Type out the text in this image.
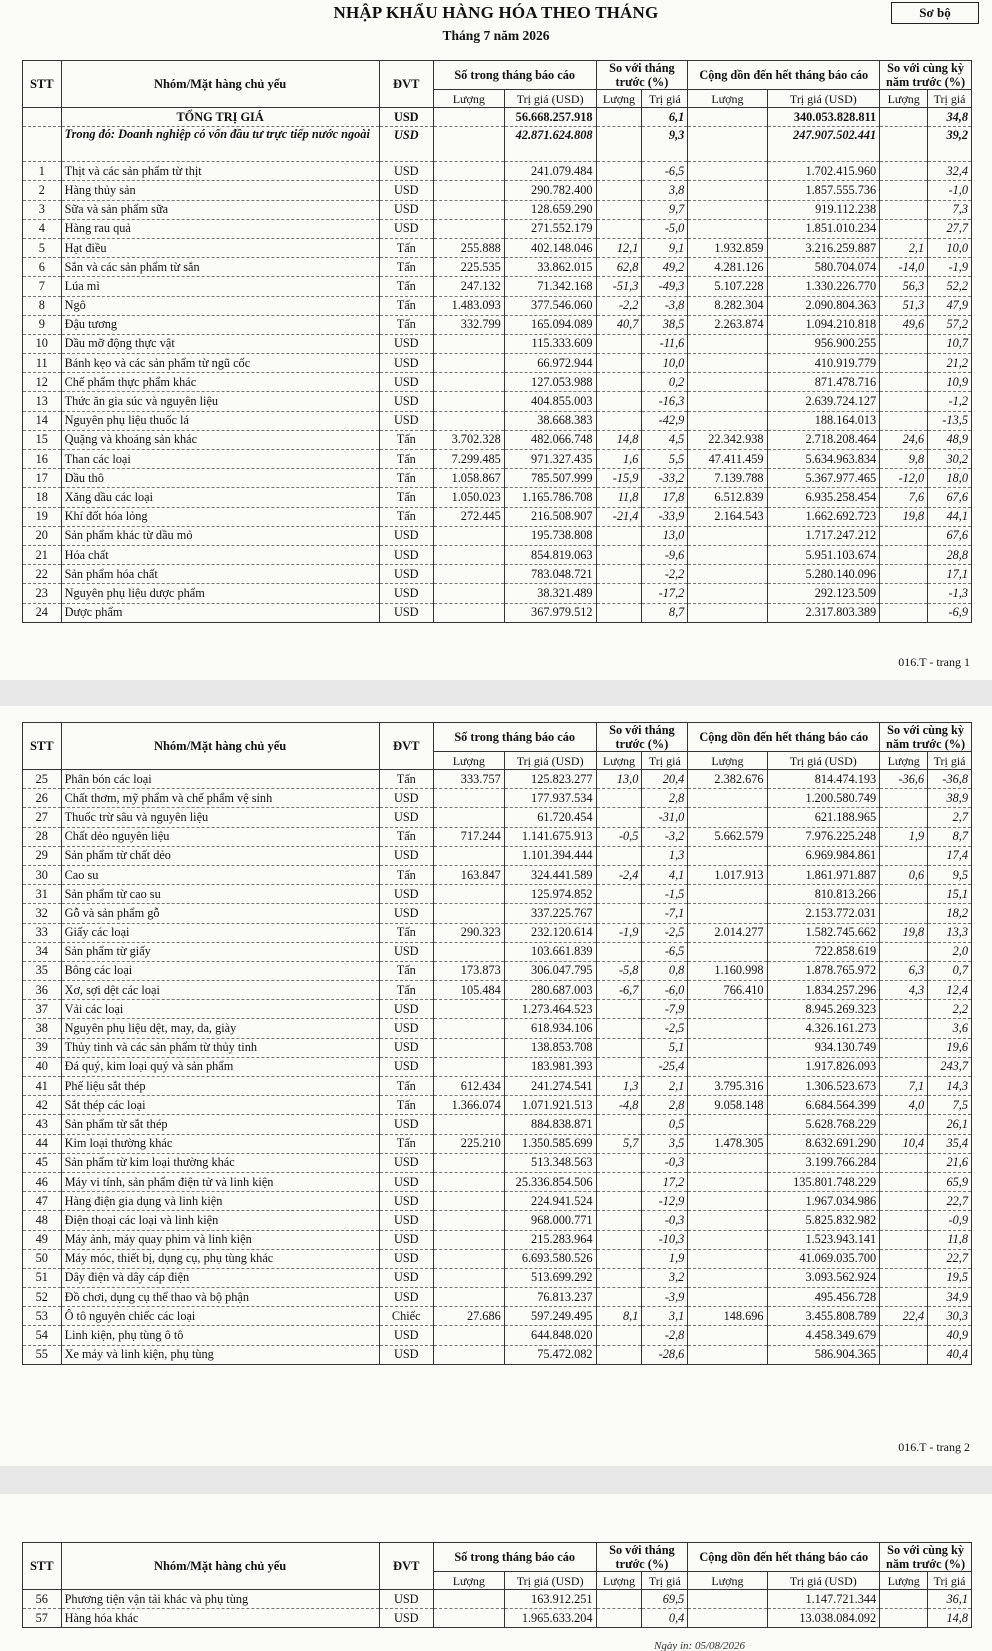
NHẬP KHẨU HÀNG HÓA THEO THÁNG
Tháng 7 năm 2026
Sơ bộ
STT	Nhóm/Mặt hàng chủ yếu	ĐVT	Số trong tháng báo cáo		So với tháng trước (%)		Cộng dồn đến hết tháng báo cáo		So với cùng kỳ năm trước (%)	
			Lượng	Trị giá (USD)	Lượng	Trị giá	Lượng	Trị giá (USD)	Lượng	Trị giá
	TỔNG TRỊ GIÁ	USD		56.668.257.918		6,1		340.053.828.811		34,8
	Trong đó: Doanh nghiệp có vốn đầu tư trực tiếp nước ngoài	USD		42.871.624.808		9,3		247.907.502.441		39,2
1	Thịt và các sản phẩm từ thịt	USD		241.079.484		-6,5		1.702.415.960		32,4
2	Hàng thủy sản	USD		290.782.400		3,8		1.857.555.736		-1,0
3	Sữa và sản phẩm sữa	USD		128.659.290		9,7		919.112.238		7,3
4	Hàng rau quả	USD		271.552.179		-5,0		1.851.010.234		27,7
5	Hạt điều	Tấn	255.888	402.148.046	12,1	9,1	1.932.859	3.216.259.887	2,1	10,0
6	Sắn và các sản phẩm từ sắn	Tấn	225.535	33.862.015	62,8	49,2	4.281.126	580.704.074	-14,0	-1,9
7	Lúa mì	Tấn	247.132	71.342.168	-51,3	-49,3	5.107.228	1.330.226.770	56,3	52,2
8	Ngô	Tấn	1.483.093	377.546.060	-2,2	-3,8	8.282.304	2.090.804.363	51,3	47,9
9	Đậu tương	Tấn	332.799	165.094.089	40,7	38,5	2.263.874	1.094.210.818	49,6	57,2
10	Dầu mỡ động thực vật	USD		115.333.609		-11,6		956.900.255		10,7
11	Bánh kẹo và các sản phẩm từ ngũ cốc	USD		66.972.944		10,0		410.919.779		21,2
12	Chế phẩm thực phẩm khác	USD		127.053.988		0,2		871.478.716		10,9
13	Thức ăn gia súc và nguyên liệu	USD		404.855.003		-16,3		2.639.724.127		-1,2
14	Nguyên phụ liệu thuốc lá	USD		38.668.383		-42,9		188.164.013		-13,5
15	Quặng và khoáng sản khác	Tấn	3.702.328	482.066.748	14,8	4,5	22.342.938	2.718.208.464	24,6	48,9
16	Than các loại	Tấn	7.299.485	971.327.435	1,6	5,5	47.411.459	5.634.963.834	9,8	30,2
17	Dầu thô	Tấn	1.058.867	785.507.999	-15,9	-33,2	7.139.788	5.367.977.465	-12,0	18,0
18	Xăng dầu các loại	Tấn	1.050.023	1.165.786.708	11,8	17,8	6.512.839	6.935.258.454	7,6	67,6
19	Khí đốt hóa lỏng	Tấn	272.445	216.508.907	-21,4	-33,9	2.164.543	1.662.692.723	19,8	44,1
20	Sản phẩm khác từ dầu mỏ	USD		195.738.808		13,0		1.717.247.212		67,6
21	Hóa chất	USD		854.819.063		-9,6		5.951.103.674		28,8
22	Sản phẩm hóa chất	USD		783.048.721		-2,2		5.280.140.096		17,1
23	Nguyên phụ liệu dược phẩm	USD		38.321.489		-17,2		292.123.509		-1,3
24	Dược phẩm	USD		367.979.512		8,7		2.317.803.389		-6,9
016.T - trang 1
STT	Nhóm/Mặt hàng chủ yếu	ĐVT	Số trong tháng báo cáo		So với tháng trước (%)		Cộng dồn đến hết tháng báo cáo		So với cùng kỳ năm trước (%)	
			Lượng	Trị giá (USD)	Lượng	Trị giá	Lượng	Trị giá (USD)	Lượng	Trị giá
25	Phân bón các loại	Tấn	333.757	125.823.277	13,0	20,4	2.382.676	814.474.193	-36,6	-36,8
26	Chất thơm, mỹ phẩm và chế phẩm vệ sinh	USD		177.937.534		2,8		1.200.580.749		38,9
27	Thuốc trừ sâu và nguyên liệu	USD		61.720.454		-31,0		621.188.965		2,7
28	Chất dẻo nguyên liệu	Tấn	717.244	1.141.675.913	-0,5	-3,2	5.662.579	7.976.225.248	1,9	8,7
29	Sản phẩm từ chất dẻo	USD		1.101.394.444		1,3		6.969.984.861		17,4
30	Cao su	Tấn	163.847	324.441.589	-2,4	4,1	1.017.913	1.861.971.887	0,6	9,5
31	Sản phẩm từ cao su	USD		125.974.852		-1,5		810.813.266		15,1
32	Gỗ và sản phẩm gỗ	USD		337.225.767		-7,1		2.153.772.031		18,2
33	Giấy các loại	Tấn	290.323	232.120.614	-1,9	-2,5	2.014.277	1.582.745.662	19,8	13,3
34	Sản phẩm từ giấy	USD		103.661.839		-6,5		722.858.619		2,0
35	Bông các loại	Tấn	173.873	306.047.795	-5,8	0,8	1.160.998	1.878.765.972	6,3	0,7
36	Xơ, sợi dệt các loại	Tấn	105.484	280.687.003	-6,7	-6,0	766.410	1.834.257.296	4,3	12,4
37	Vải các loại	USD		1.273.464.523		-7,9		8.945.269.323		2,2
38	Nguyên phụ liệu dệt, may, da, giày	USD		618.934.106		-2,5		4.326.161.273		3,6
39	Thủy tinh và các sản phẩm từ thủy tinh	USD		138.853.708		5,1		934.130.749		19,6
40	Đá quý, kim loại quý và sản phẩm	USD		183.981.393		-25,4		1.917.826.093		243,7
41	Phế liệu sắt thép	Tấn	612.434	241.274.541	1,3	2,1	3.795.316	1.306.523.673	7,1	14,3
42	Sắt thép các loại	Tấn	1.366.074	1.071.921.513	-4,8	2,8	9.058.148	6.684.564.399	4,0	7,5
43	Sản phẩm từ sắt thép	USD		884.838.871		0,5		5.628.768.229		26,1
44	Kim loại thường khác	Tấn	225.210	1.350.585.699	5,7	3,5	1.478.305	8.632.691.290	10,4	35,4
45	Sản phẩm từ kim loại thường khác	USD		513.348.563		-0,3		3.199.766.284		21,6
46	Máy vi tính, sản phẩm điện tử và linh kiện	USD		25.336.854.506		17,2		135.801.748.229		65,9
47	Hàng điện gia dụng và linh kiện	USD		224.941.524		-12,9		1.967.034.986		22,7
48	Điện thoại các loại và linh kiện	USD		968.000.771		-0,3		5.825.832.982		-0,9
49	Máy ảnh, máy quay phim và linh kiện	USD		215.283.964		-10,3		1.523.943.141		11,8
50	Máy móc, thiết bị, dụng cụ, phụ tùng khác	USD		6.693.580.526		1,9		41.069.035.700		22,7
51	Dây điện và dây cáp điện	USD		513.699.292		3,2		3.093.562.924		19,5
52	Đồ chơi, dụng cụ thể thao và bộ phận	USD		76.813.237		-3,9		495.456.728		34,9
53	Ô tô nguyên chiếc các loại	Chiếc	27.686	597.249.495	8,1	3,1	148.696	3.455.808.789	22,4	30,3
54	Linh kiện, phụ tùng ô tô	USD		644.848.020		-2,8		4.458.349.679		40,9
55	Xe máy và linh kiện, phụ tùng	USD		75.472.082		-28,6		586.904.365		40,4
016.T - trang 2
STT	Nhóm/Mặt hàng chủ yếu	ĐVT	Số trong tháng báo cáo		So với tháng trước (%)		Cộng dồn đến hết tháng báo cáo		So với cùng kỳ năm trước (%)	
			Lượng	Trị giá (USD)	Lượng	Trị giá	Lượng	Trị giá (USD)	Lượng	Trị giá
56	Phương tiện vận tải khác và phụ tùng	USD		163.912.251		69,5		1.147.721.344		36,1
57	Hàng hóa khác	USD		1.965.633.204		0,4		13.038.084.092		14,8
Ngày in: 05/08/2026
